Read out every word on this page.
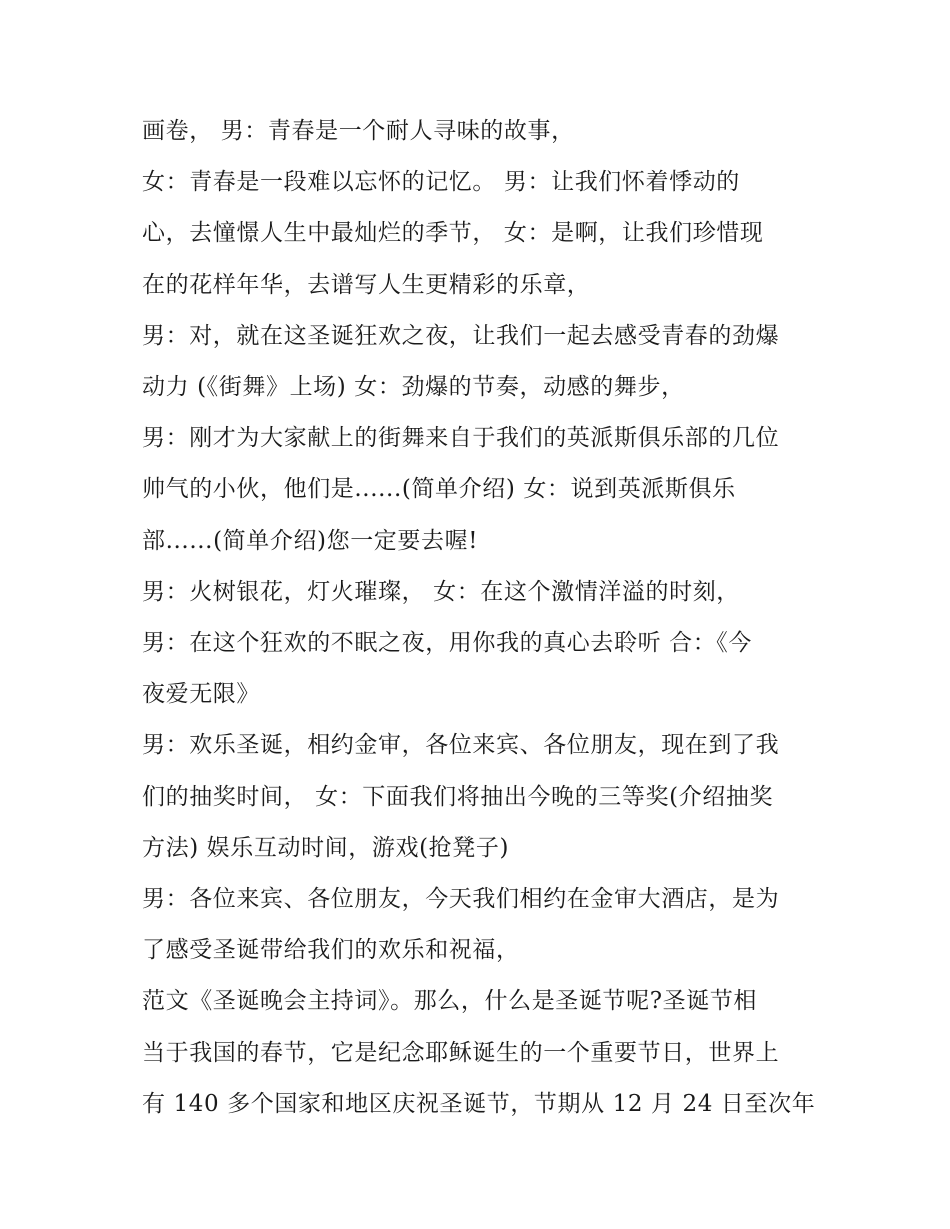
画卷， 男：青春是一个耐人寻味的故事，
女：青春是一段难以忘怀的记忆。 男：让我们怀着悸动的
心，去憧憬人生中最灿烂的季节， 女：是啊，让我们珍惜现
在的花样年华，去谱写人生更精彩的乐章，
男：对，就在这圣诞狂欢之夜，让我们一起去感受青春的劲爆
动力 (《街舞》上场) 女：劲爆的节奏，动感的舞步，
男：刚才为大家献上的街舞来自于我们的英派斯俱乐部的几位
帅气的小伙，他们是......(简单介绍) 女：说到英派斯俱乐
部......(简单介绍)您一定要去喔!
男：火树银花，灯火璀璨， 女：在这个激情洋溢的时刻，
男：在这个狂欢的不眠之夜，用你我的真心去聆听 合：《今
夜爱无限》
男：欢乐圣诞，相约金审，各位来宾、各位朋友，现在到了我
们的抽奖时间， 女：下面我们将抽出今晚的三等奖(介绍抽奖
方法) 娱乐互动时间，游戏(抢凳子)
男：各位来宾、各位朋友，今天我们相约在金审大酒店，是为
了感受圣诞带给我们的欢乐和祝福，
范文《圣诞晚会主持词》。那么，什么是圣诞节呢?圣诞节相
当于我国的春节，它是纪念耶稣诞生的一个重要节日，世界上
有 140 多个国家和地区庆祝圣诞节，节期从 12 月 24 日至次年
